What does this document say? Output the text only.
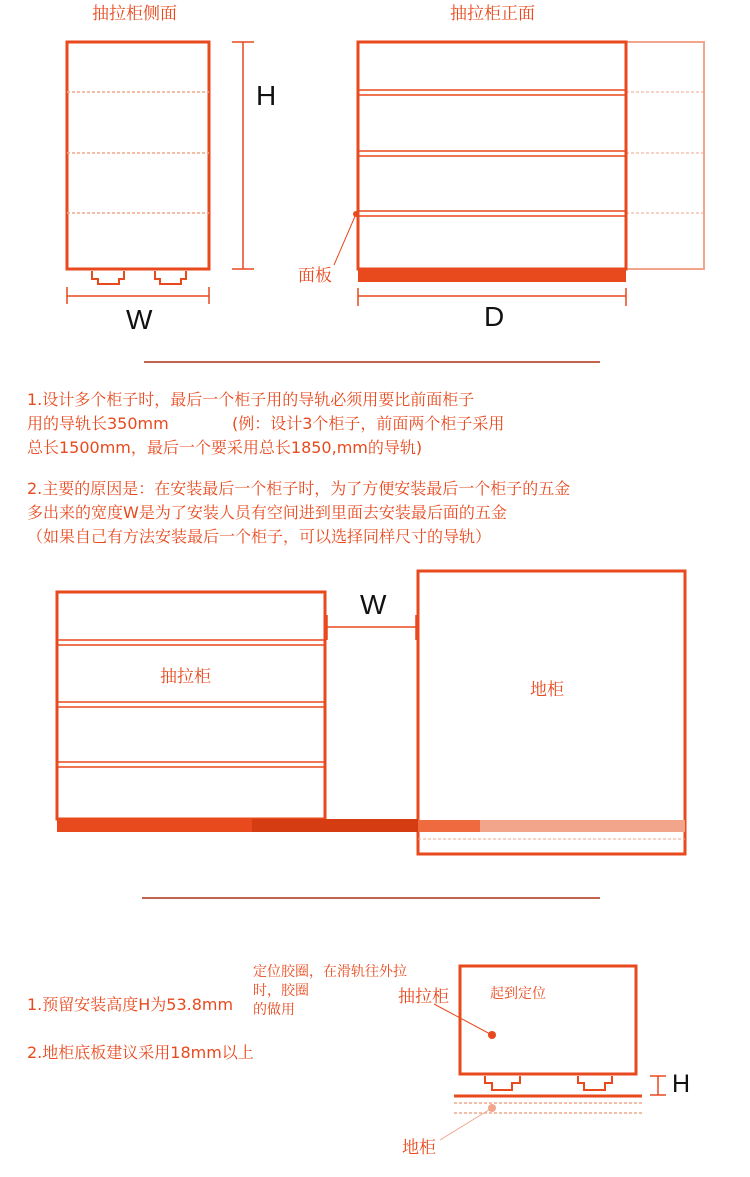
抽拉柜侧面	抽拉柜正面
H
W	D
面板
1.设计多个柜子时，最后一个柜子用的导轨必须用要比前面柜子
用的导轨长350mm	(例：设计3个柜子，前面两个柜子采用
总长1500mm，最后一个要采用总长1850,mm的导轨)
2.主要的原因是：在安装最后一个柜子时，为了方便安装最后一个柜子的五金
多出来的宽度W是为了安装人员有空间进到里面去安装最后面的五金
（如果自己有方法安装最后一个柜子，可以选择同样尺寸的导轨）
抽拉柜
地柜
W
1.预留安装高度H为53.8mm
2.地柜底板建议采用18mm以上
定位胶圈，在滑轨往外拉
时，胶圈
的做用
抽拉柜	起到定位
地柜
H
